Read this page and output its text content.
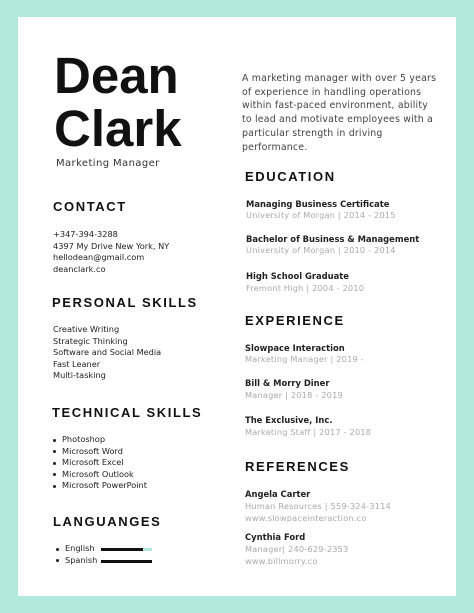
Dean
Clark
Marketing Manager
A marketing manager with over 5 years of experience in handling operations within fast-paced environment, ability to lead and motivate employees with a particular strength in driving performance.
CONTACT
+347-394-3288
4397 My Drive New York, NY
hellodean@gmail.com
deanclark.co
PERSONAL SKILLS
Creative Writing
Strategic Thinking
Software and Social Media
Fast Leaner
Multi-tasking
TECHNICAL SKILLS
Photoshop
Microsoft Word
Microsoft Excel
Microsoft Outlook
Microsoft PowerPoint
LANGUANGES
English
Spanish
EDUCATION
Managing Business Certificate
University of Morgan | 2014 - 2015
Bachelor of Business & Management
University of Morgan | 2010 - 2014
High School Graduate
Fremont High | 2004 - 2010
EXPERIENCE
Slowpace Interaction
Marketing Manager | 2019 -
Bill & Morry Diner
Manager | 2018 - 2019
The Exclusive, Inc.
Marketing Staff | 2017 - 2018
REFERENCES
Angela Carter
Human Resources | 559-324-3114
www.slowpaceinteraction.co
Cynthia Ford
Manager| 240-629-2353
www.billmorry.co
